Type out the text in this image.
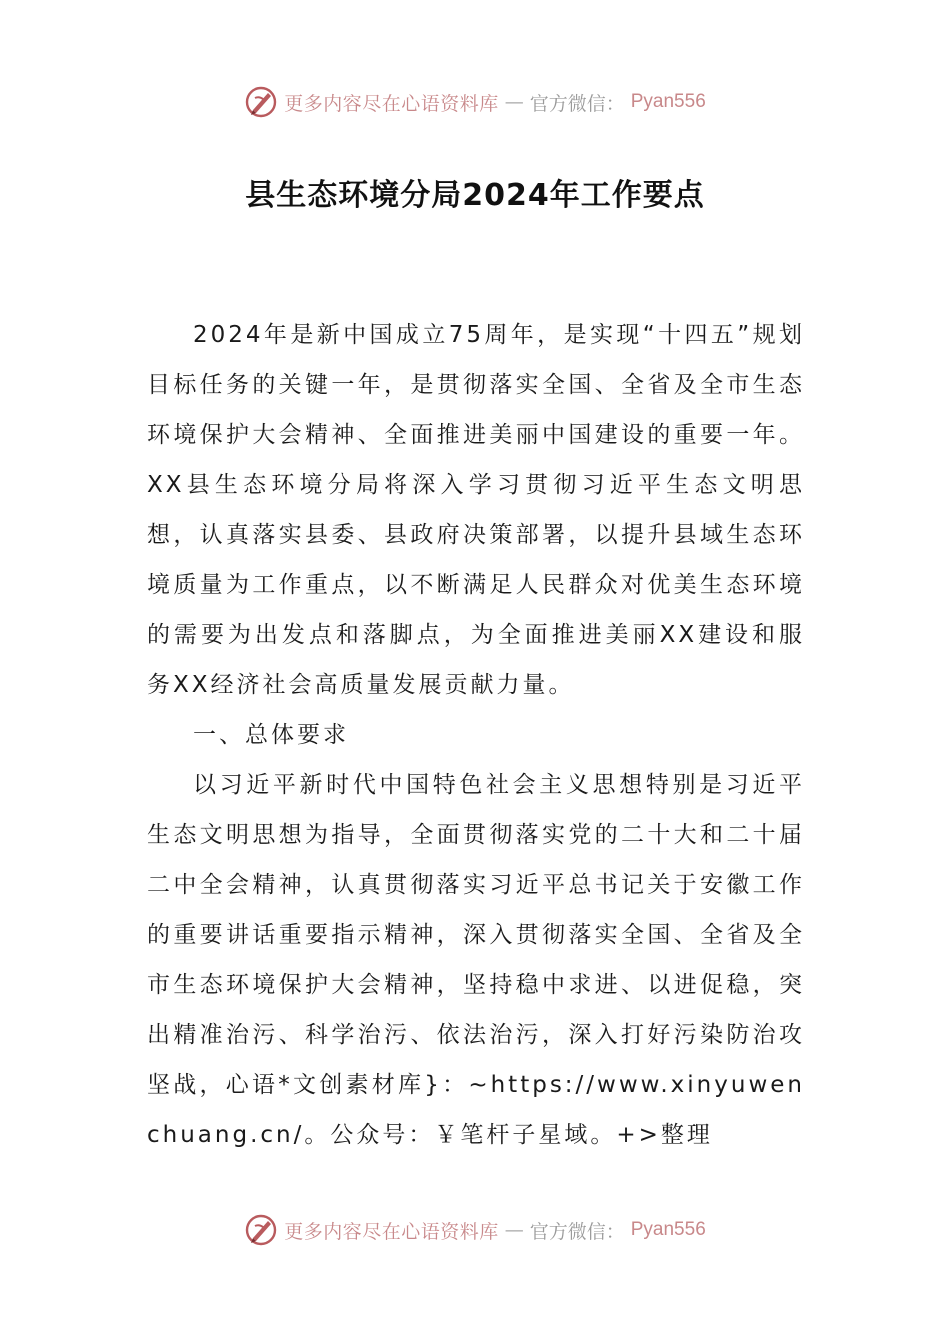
更多内容尽在心语资料库 — 官方微信： Pyan556
县生态环境分局2024年工作要点

2024年是新中国成立75周年，是实现“十四五”规划目标任务的关键一年，是贯彻落实全国、全省及全市生态环境保护大会精神、全面推进美丽中国建设的重要一年。XX县生态环境分局将深入学习贯彻习近平生态文明思想，认真落实县委、县政府决策部署，以提升县域生态环境质量为工作重点，以不断满足人民群众对优美生态环境的需要为出发点和落脚点，为全面推进美丽XX建设和服务XX经济社会高质量发展贡献力量。

一、总体要求

以习近平新时代中国特色社会主义思想特别是习近平生态文明思想为指导，全面贯彻落实党的二十大和二十届二中全会精神，认真贯彻落实习近平总书记关于安徽工作的重要讲话重要指示精神，深入贯彻落实全国、全省及全市生态环境保护大会精神，坚持稳中求进、以进促稳，突出精准治污、科学治污、依法治污，深入打好污染防治攻坚战，心语*文创素材库}：~https://www.xinyuwenchuang.cn/。公众号：￥笔杆子星域。+>整理

更多内容尽在心语资料库 — 官方微信： Pyan556
